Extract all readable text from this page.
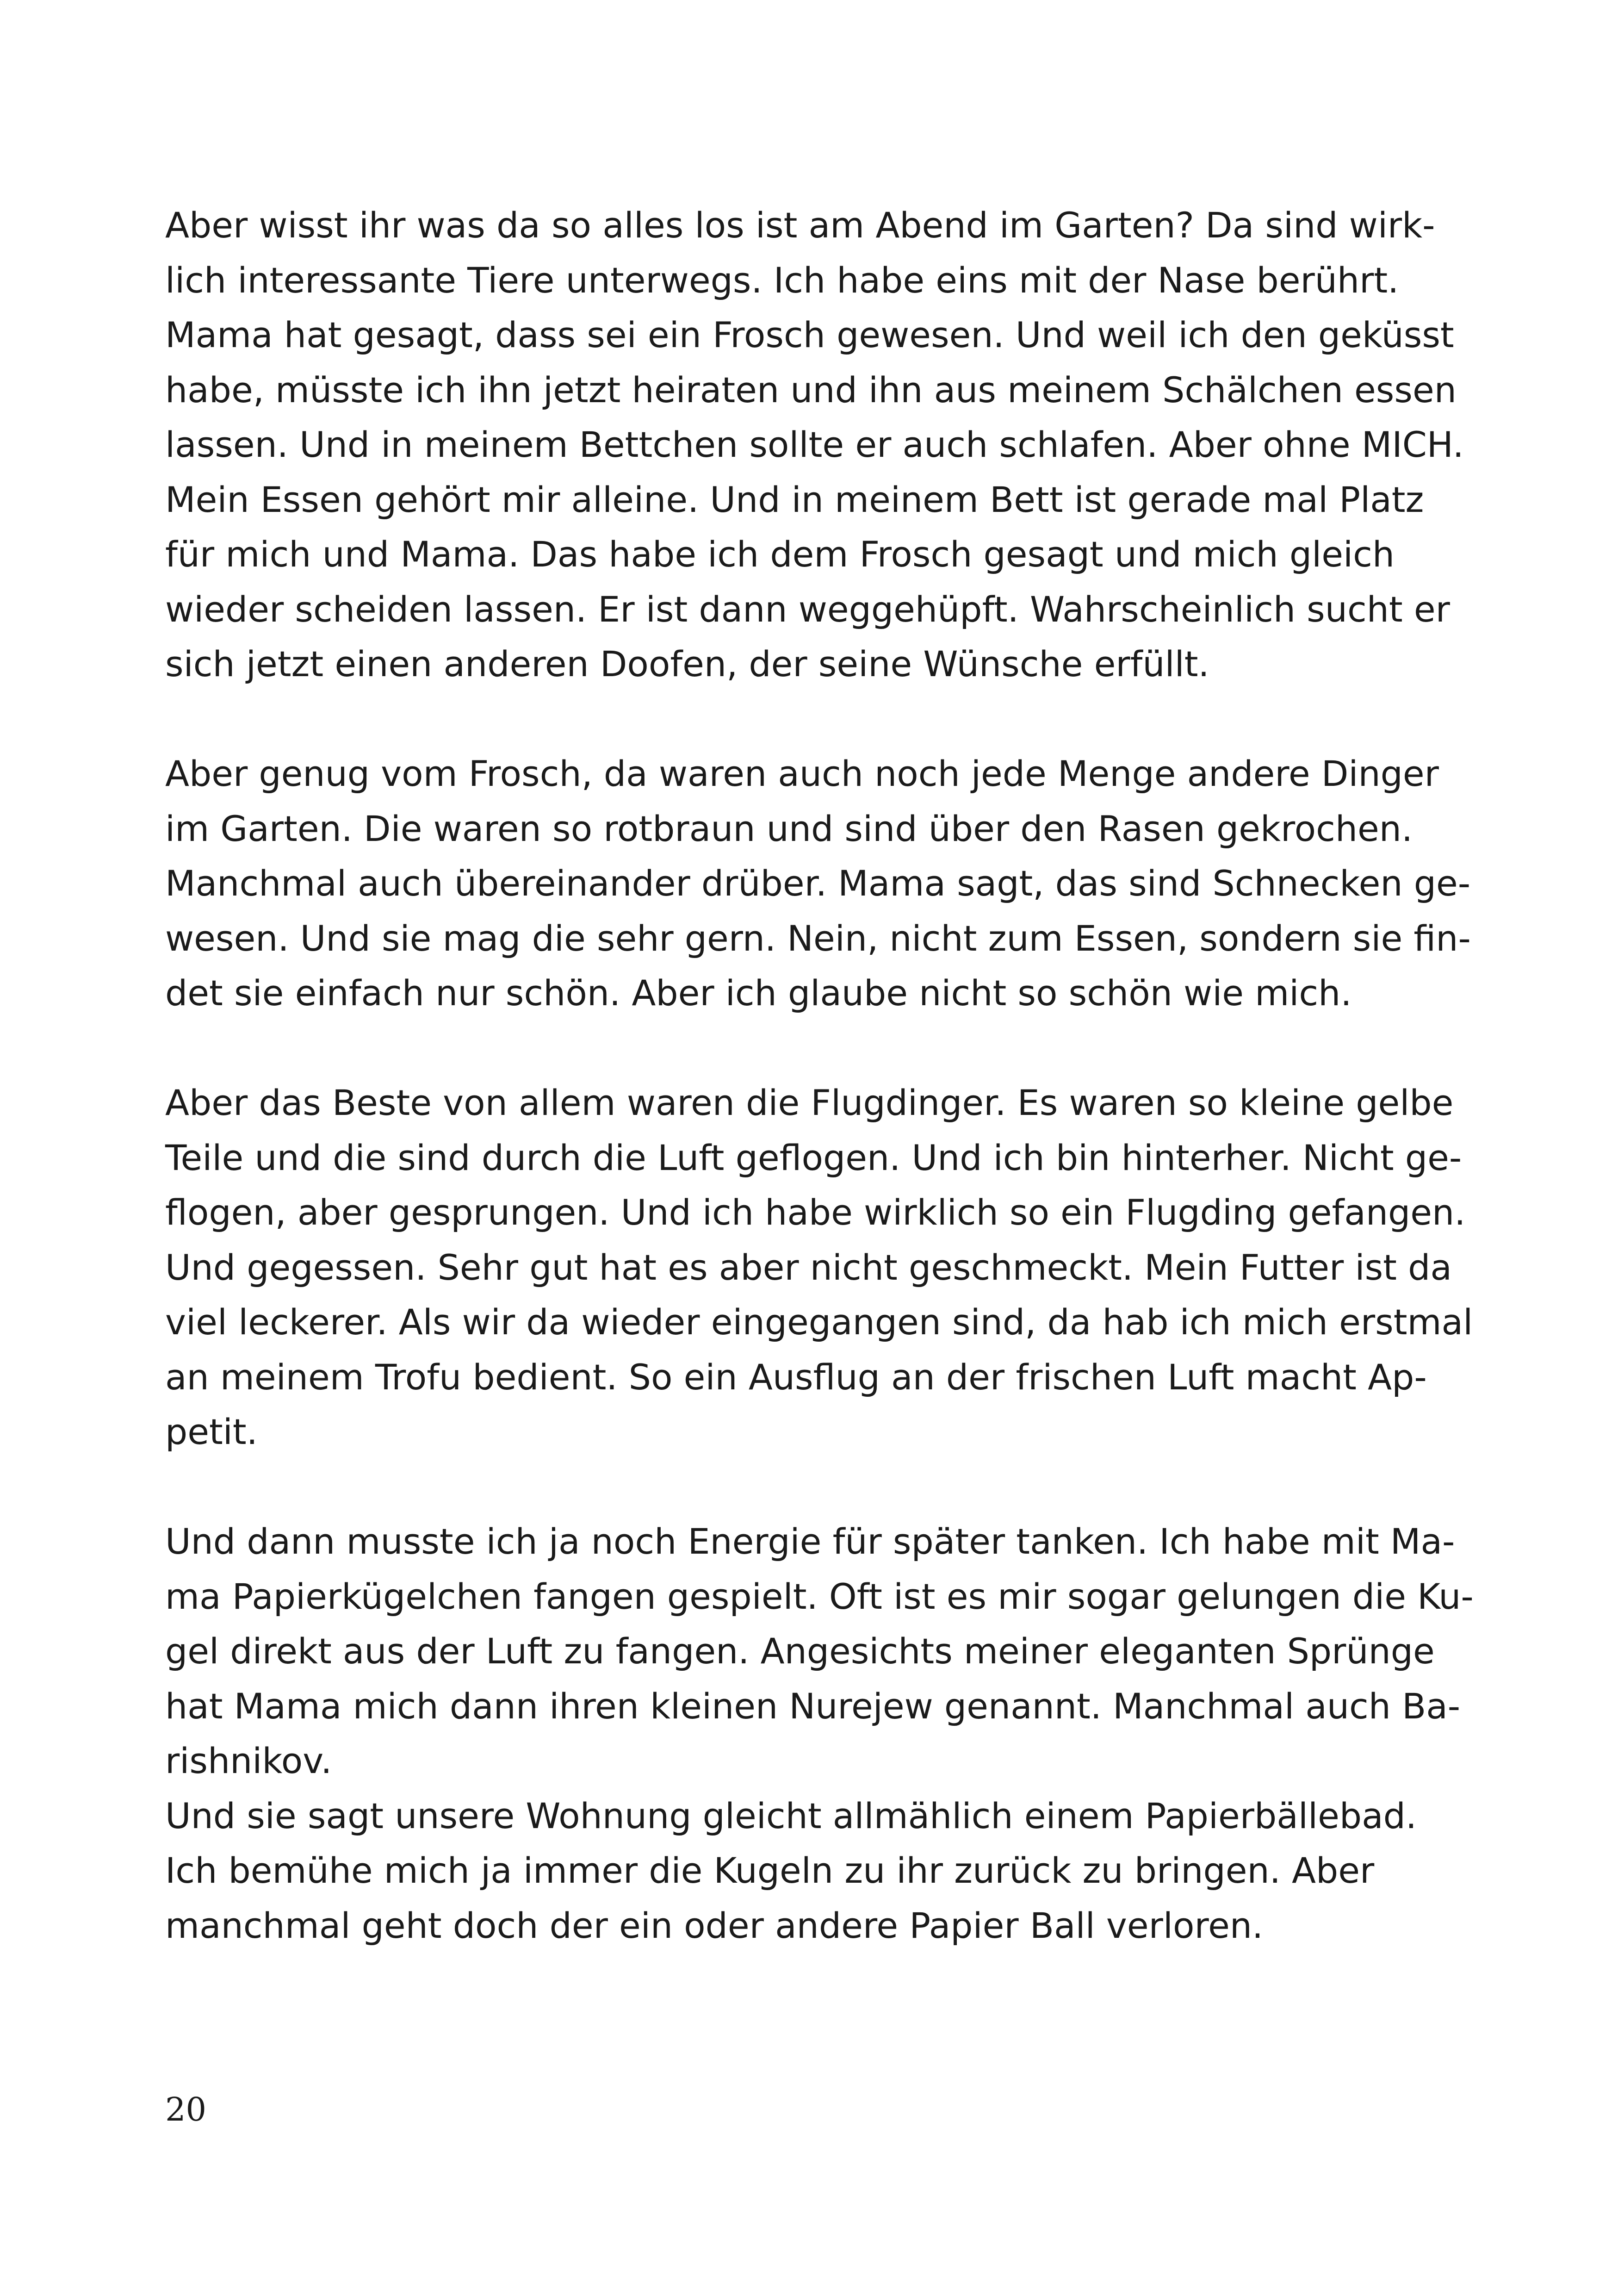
Aber wisst ihr was da so alles los ist am Abend im Garten? Da sind wirk-
lich interessante Tiere unterwegs. Ich habe eins mit der Nase berührt.
Mama hat gesagt, dass sei ein Frosch gewesen. Und weil ich den geküsst
habe, müsste ich ihn jetzt heiraten und ihn aus meinem Schälchen essen
lassen. Und in meinem Bettchen sollte er auch schlafen. Aber ohne MICH.
Mein Essen gehört mir alleine. Und in meinem Bett ist gerade mal Platz
für mich und Mama. Das habe ich dem Frosch gesagt und mich gleich
wieder scheiden lassen. Er ist dann weggehüpft. Wahrscheinlich sucht er
sich jetzt einen anderen Doofen, der seine Wünsche erfüllt.

Aber genug vom Frosch, da waren auch noch jede Menge andere Dinger
im Garten. Die waren so rotbraun und sind über den Rasen gekrochen.
Manchmal auch übereinander drüber. Mama sagt, das sind Schnecken ge-
wesen. Und sie mag die sehr gern. Nein, nicht zum Essen, sondern sie fin-
det sie einfach nur schön. Aber ich glaube nicht so schön wie mich.

Aber das Beste von allem waren die Flugdinger. Es waren so kleine gelbe
Teile und die sind durch die Luft geflogen. Und ich bin hinterher. Nicht ge-
flogen, aber gesprungen. Und ich habe wirklich so ein Flugding gefangen.
Und gegessen. Sehr gut hat es aber nicht geschmeckt. Mein Futter ist da
viel leckerer. Als wir da wieder eingegangen sind, da hab ich mich erstmal
an meinem Trofu bedient. So ein Ausflug an der frischen Luft macht Ap-
petit.

Und dann musste ich ja noch Energie für später tanken. Ich habe mit Ma-
ma Papierkügelchen fangen gespielt. Oft ist es mir sogar gelungen die Ku-
gel direkt aus der Luft zu fangen. Angesichts meiner eleganten Sprünge
hat Mama mich dann ihren kleinen Nurejew genannt. Manchmal auch Ba-
rishnikov.

Und sie sagt unsere Wohnung gleicht allmählich einem Papierbällebad.
Ich bemühe mich ja immer die Kugeln zu ihr zurück zu bringen. Aber
manchmal geht doch der ein oder andere Papier Ball verloren.

20
